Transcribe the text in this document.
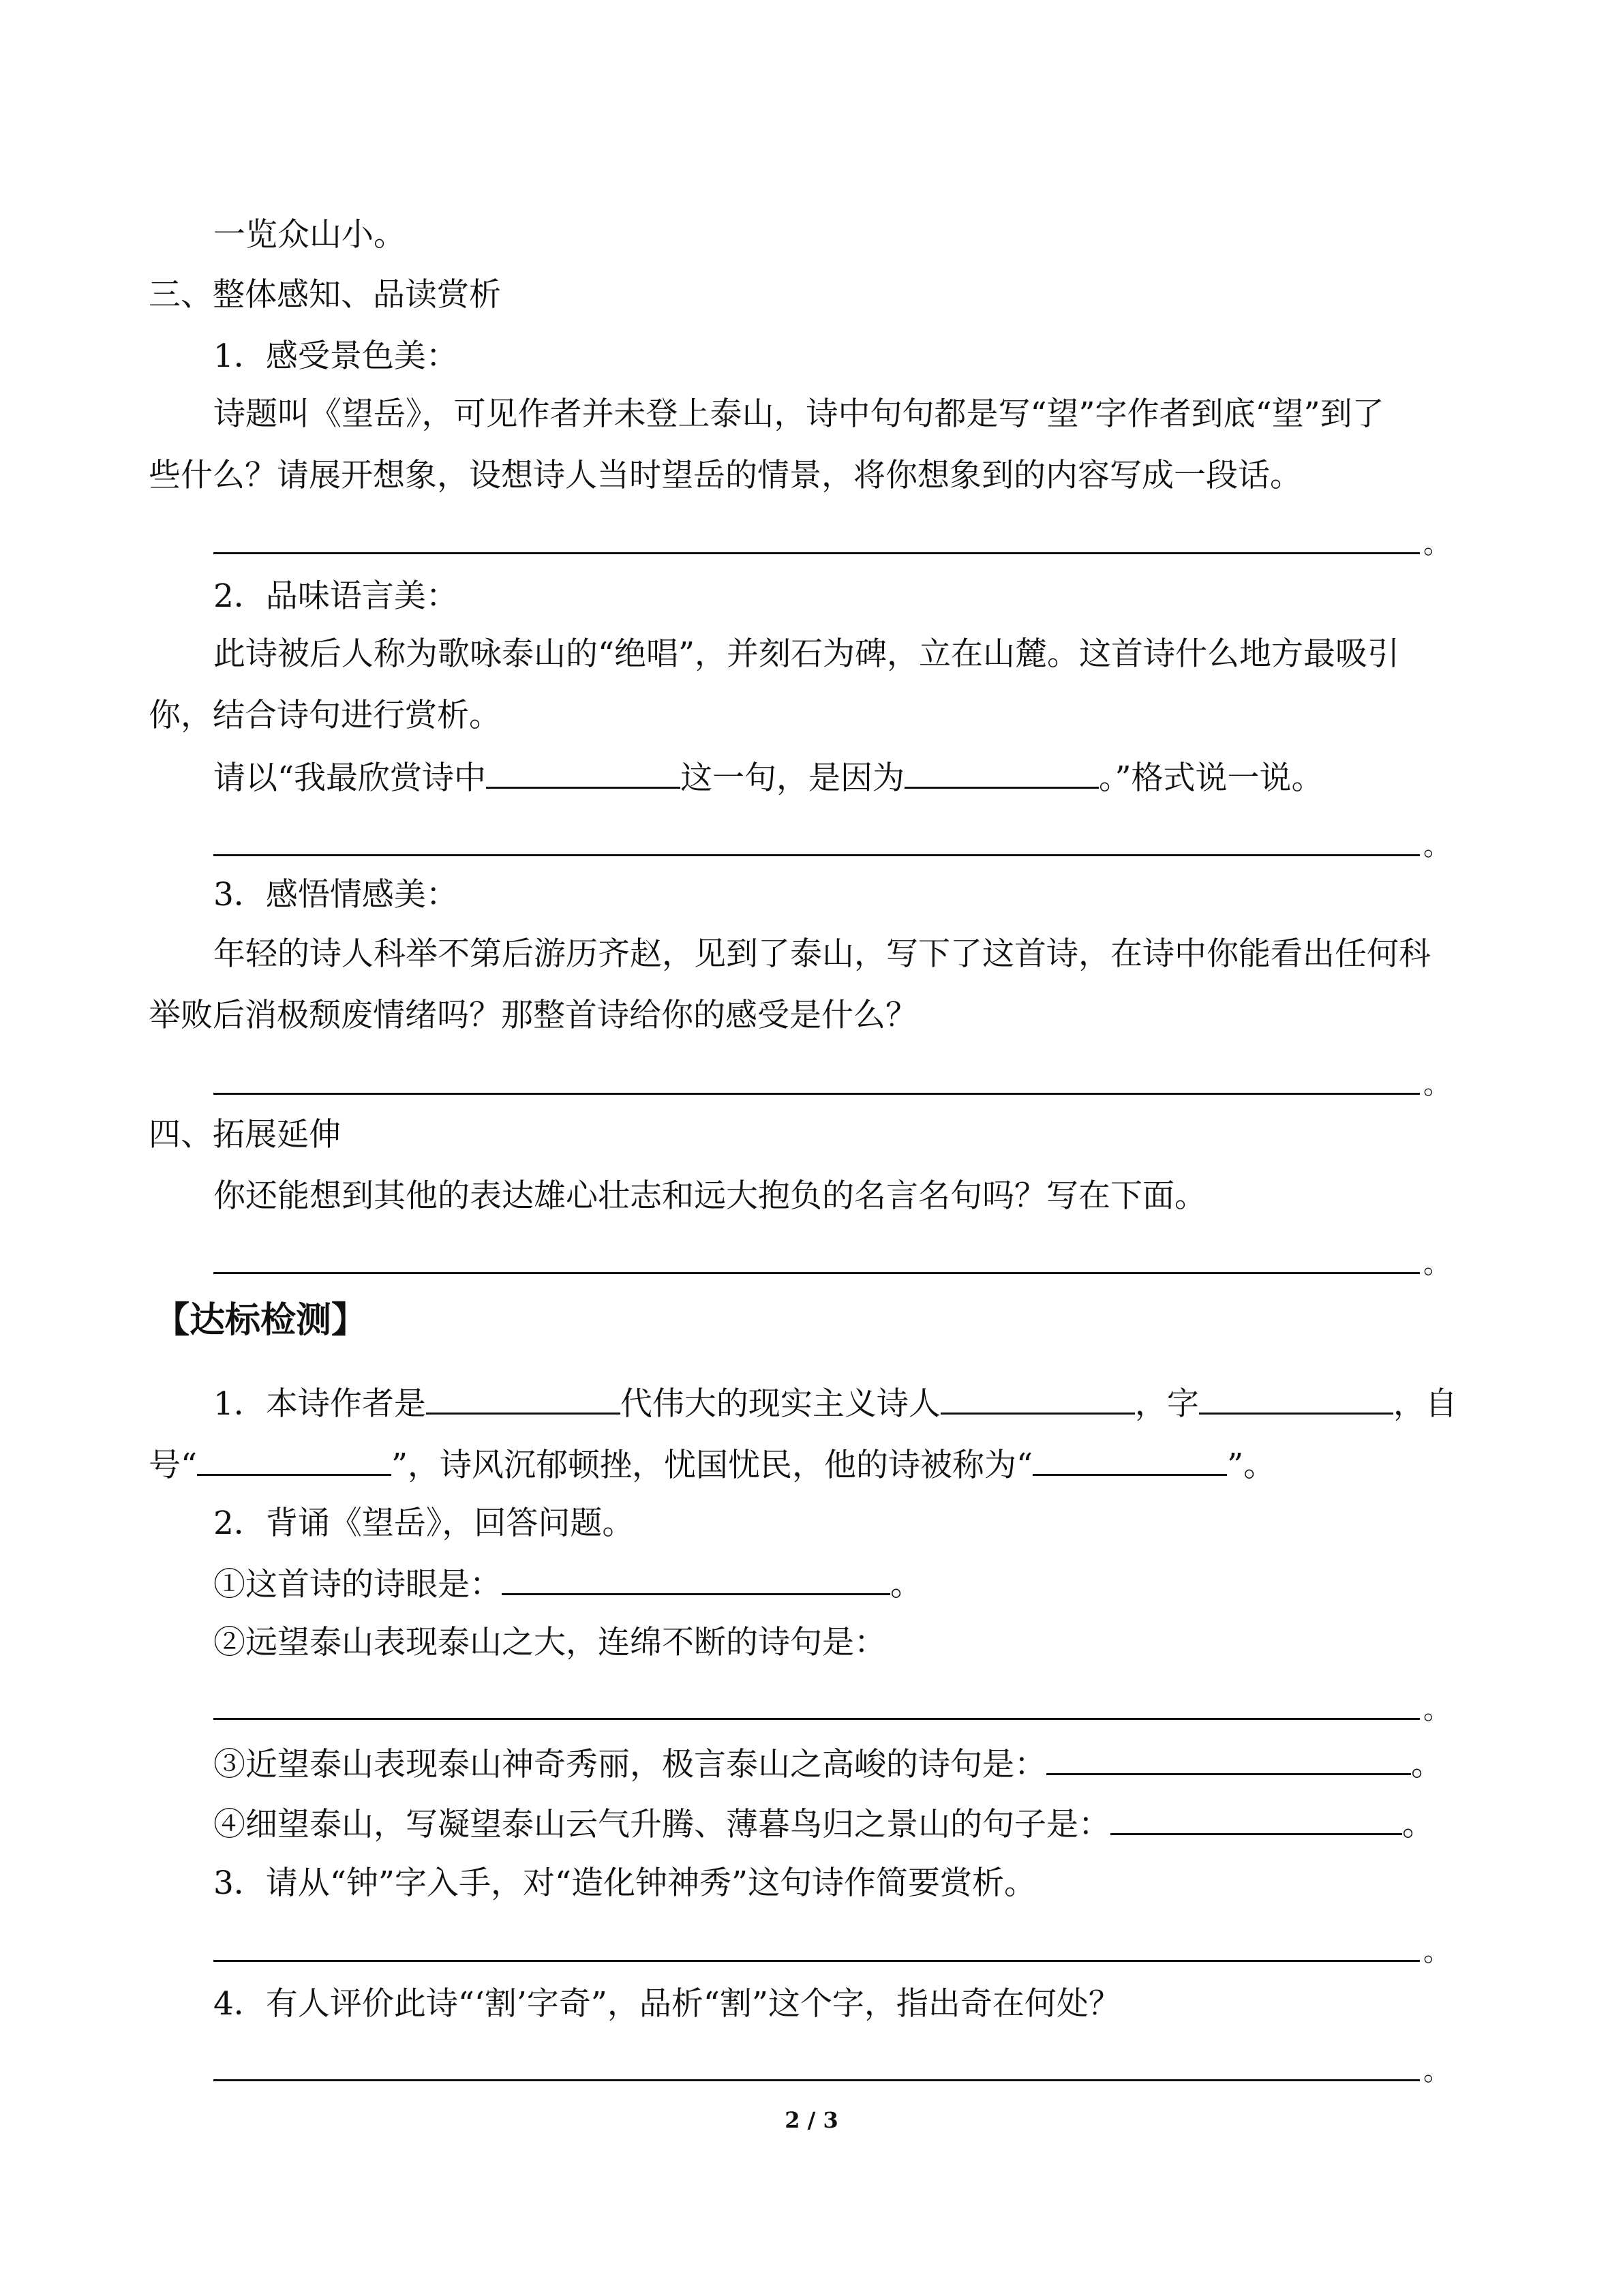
一览众山小。
三、整体感知、品读赏析
1．感受景色美：
诗题叫《望岳》，可见作者并未登上泰山，诗中句句都是写“望”字作者到底“望”到了
些什么？请展开想象，设想诗人当时望岳的情景，将你想象到的内容写成一段话。
。
2．品味语言美：
此诗被后人称为歌咏泰山的“绝唱”，并刻石为碑，立在山麓。这首诗什么地方最吸引
你，结合诗句进行赏析。
请以“我最欣赏诗中	这一句，是因为	。”格式说一说。
。
3．感悟情感美：
年轻的诗人科举不第后游历齐赵，见到了泰山，写下了这首诗，在诗中你能看出任何科
举败后消极颓废情绪吗？那整首诗给你的感受是什么？
。
四、拓展延伸
你还能想到其他的表达雄心壮志和远大抱负的名言名句吗？写在下面。
。
【达标检测】
1．本诗作者是	代伟大的现实主义诗人	，字	，自
号“	”，诗风沉郁顿挫，忧国忧民，他的诗被称为“	”。
2．背诵《望岳》，回答问题。
①这首诗的诗眼是：	。
②远望泰山表现泰山之大，连绵不断的诗句是：
。
③近望泰山表现泰山神奇秀丽，极言泰山之高峻的诗句是：	。
④细望泰山，写凝望泰山云气升腾、薄暮鸟归之景山的句子是：	。
3．请从“钟”字入手，对“造化钟神秀”这句诗作简要赏析。
。
4．有人评价此诗“‘割’字奇”，品析“割”这个字，指出奇在何处？
。
2 / 3
